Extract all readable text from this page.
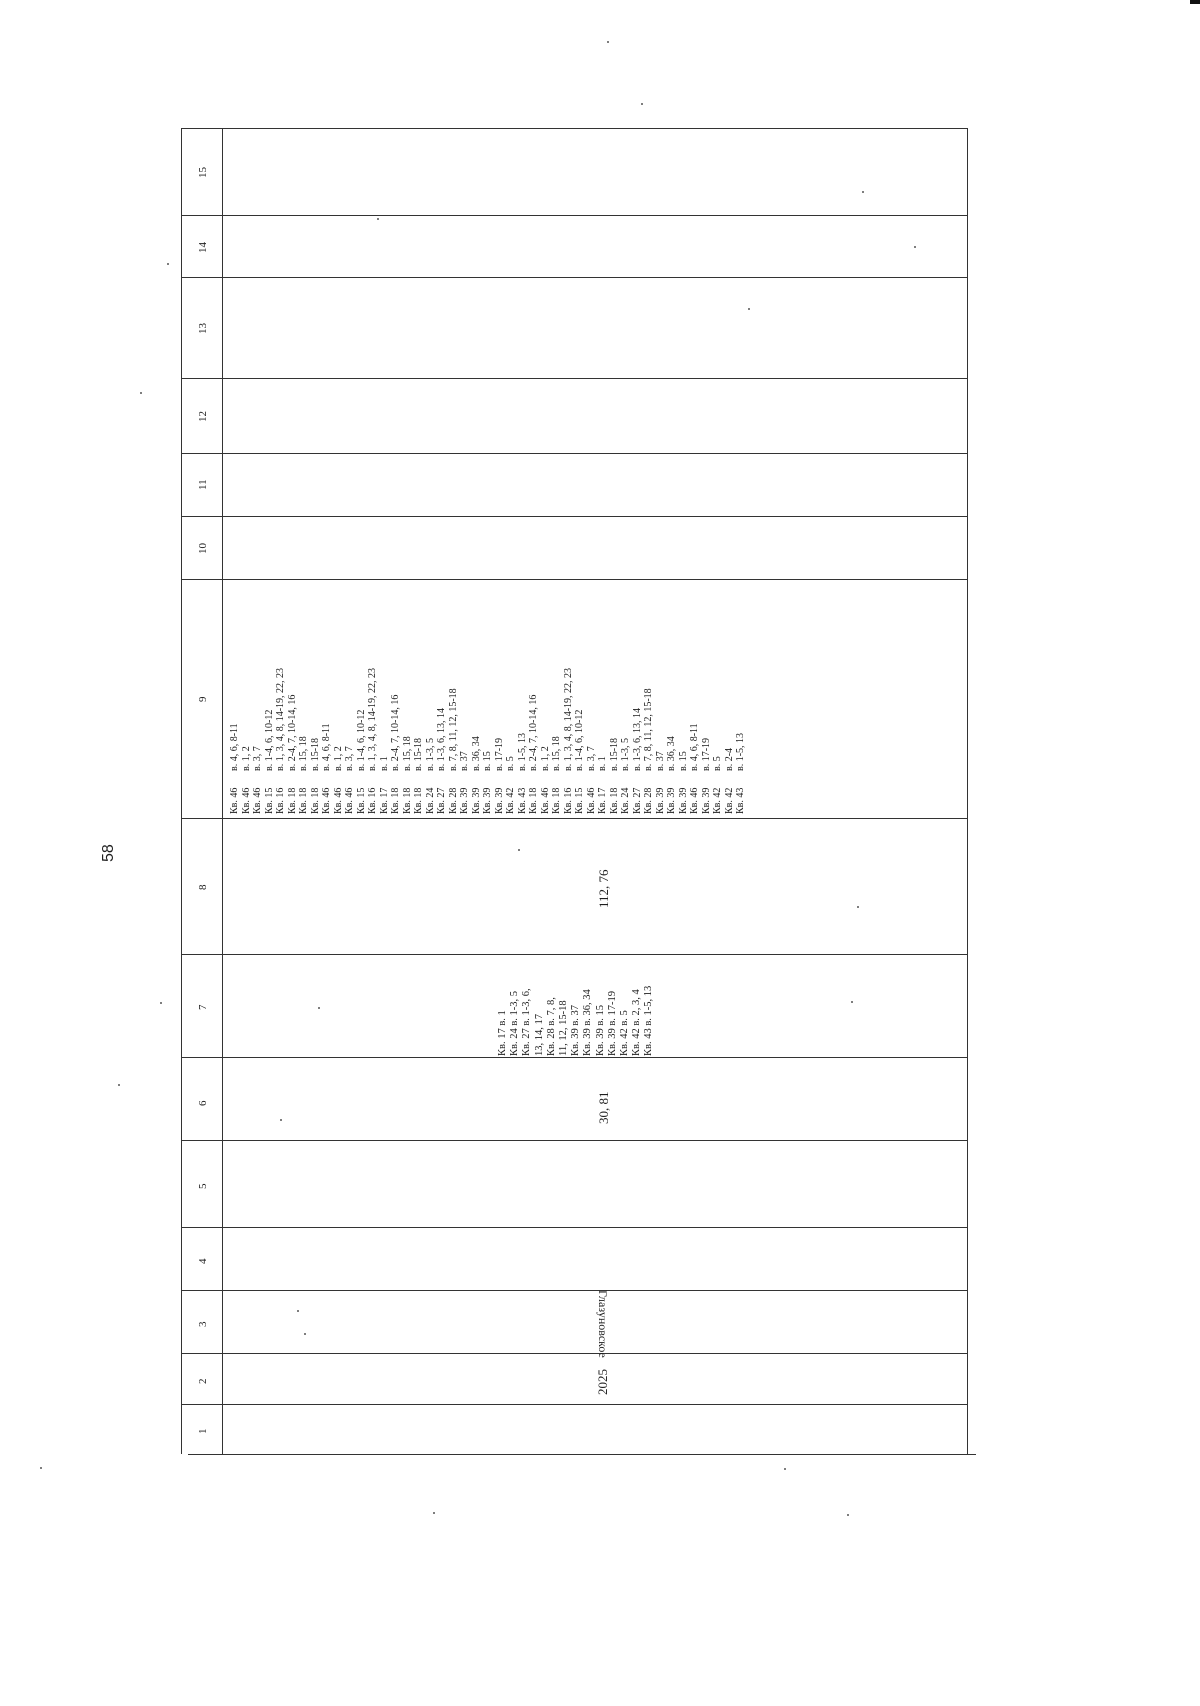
58
15
14
13
12
11
10
9
8
7
6
5
4
3
2
1
2025
Глазуновское
30, 81
112, 76
Кв. 17 в. 1 Кв. 24 в. 1-3, 5 Кв. 27 в. 1-3, 6, 13, 14, 17 Кв. 28 в. 7, 8, 11, 12, 15-18 Кв. 39 в. 37 Кв. 39 в. 36, 34 Кв. 39 в. 15 Кв. 39 в. 17-19 Кв. 42 в. 5 Кв. 42 в. 2, 3, 4 Кв. 43 в. 1-5, 13
Кв. 46 Кв. 46 Кв. 46 Кв. 15 Кв. 16 Кв. 18 Кв. 18 Кв. 18 Кв. 46 Кв. 46 Кв. 46 Кв. 15 Кв. 16 Кв. 17 Кв. 18 Кв. 18 Кв. 18 Кв. 24 Кв. 27 Кв. 28 Кв. 39 Кв. 39 Кв. 39 Кв. 39 Кв. 42 Кв. 43 Кв. 18 Кв. 46 Кв. 18 Кв. 16 Кв. 15 Кв. 46 Кв. 17 Кв. 18 Кв. 24 Кв. 27 Кв. 28 Кв. 39 Кв. 39 Кв. 39 Кв. 46 Кв. 39 Кв. 42 Кв. 42 Кв. 43
в. 4, 6, 8-11 в. 1, 2 в. 3, 7 в. 1-4, 6, 10-12 в. 1, 3, 4, 8, 14-19, 22, 23 в. 2-4, 7, 10-14, 16 в. 15, 18 в. 15-18 в. 4, 6, 8-11 в. 1, 2 в. 3, 7 в. 1-4, 6, 10-12 в. 1, 3, 4, 8, 14-19, 22, 23 в. 1 в. 2-4, 7, 10-14, 16 в. 15, 18 в. 15-18 в. 1-3, 5 в. 1-3, 6, 13, 14 в. 7, 8, 11, 12, 15-18 в. 37 в. 36, 34 в. 15 в. 17-19 в. 5 в. 1-5, 13 в. 2-4, 7, 10-14, 16 в. 1, 2 в. 15, 18 в. 1, 3, 4, 8, 14-19, 22, 23 в. 1-4, 6, 10-12 в. 3, 7 в. 1 в. 15-18 в. 1-3, 5 в. 1-3, 6, 13, 14 в. 7, 8, 11, 12, 15-18 в. 37 в. 36, 34 в. 15 в. 4, 6, 8-11 в. 17-19 в. 5 в. 2-4 в. 1-5, 13
